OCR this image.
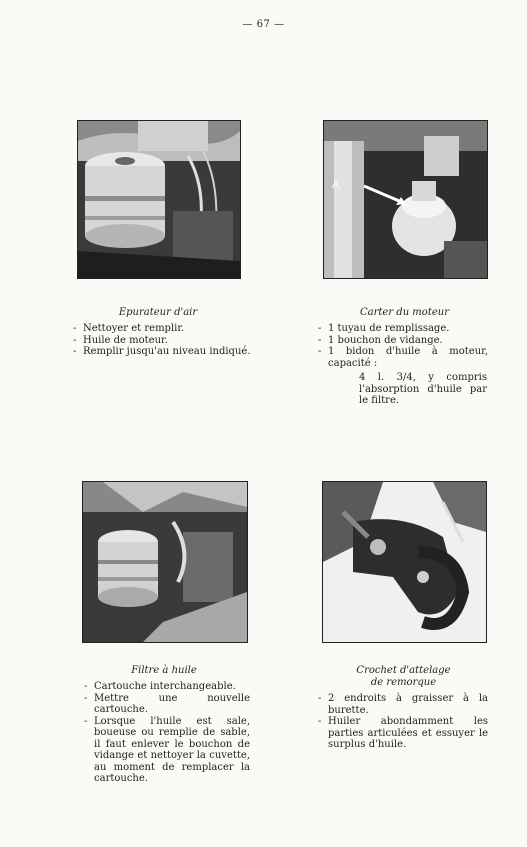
— 67 —
A
Epurateur d'air
- Nettoyer et remplir.
- Huile de moteur.
- Remplir jusqu'au niveau indiqué.
Carter du moteur
- 1 tuyau de remplissage.
- 1 bouchon de vidange.
- 1 bidon d'huile à moteur, capacité :
4 l. 3/4, y compris l'absorption d'huile par le filtre.
Filtre à huile
- Cartouche interchangeable.
- Mettre une nouvelle cartouche.
- Lorsque l'huile est sale, boueuse ou remplie de sable, il faut enlever le bouchon de vidange et nettoyer la cuvette, au moment de remplacer la cartouche.
Crochet d'attelage
de remorque
- 2 endroits à graisser à la burette.
- Huiler abondamment les parties articulées et essuyer le surplus d'huile.
